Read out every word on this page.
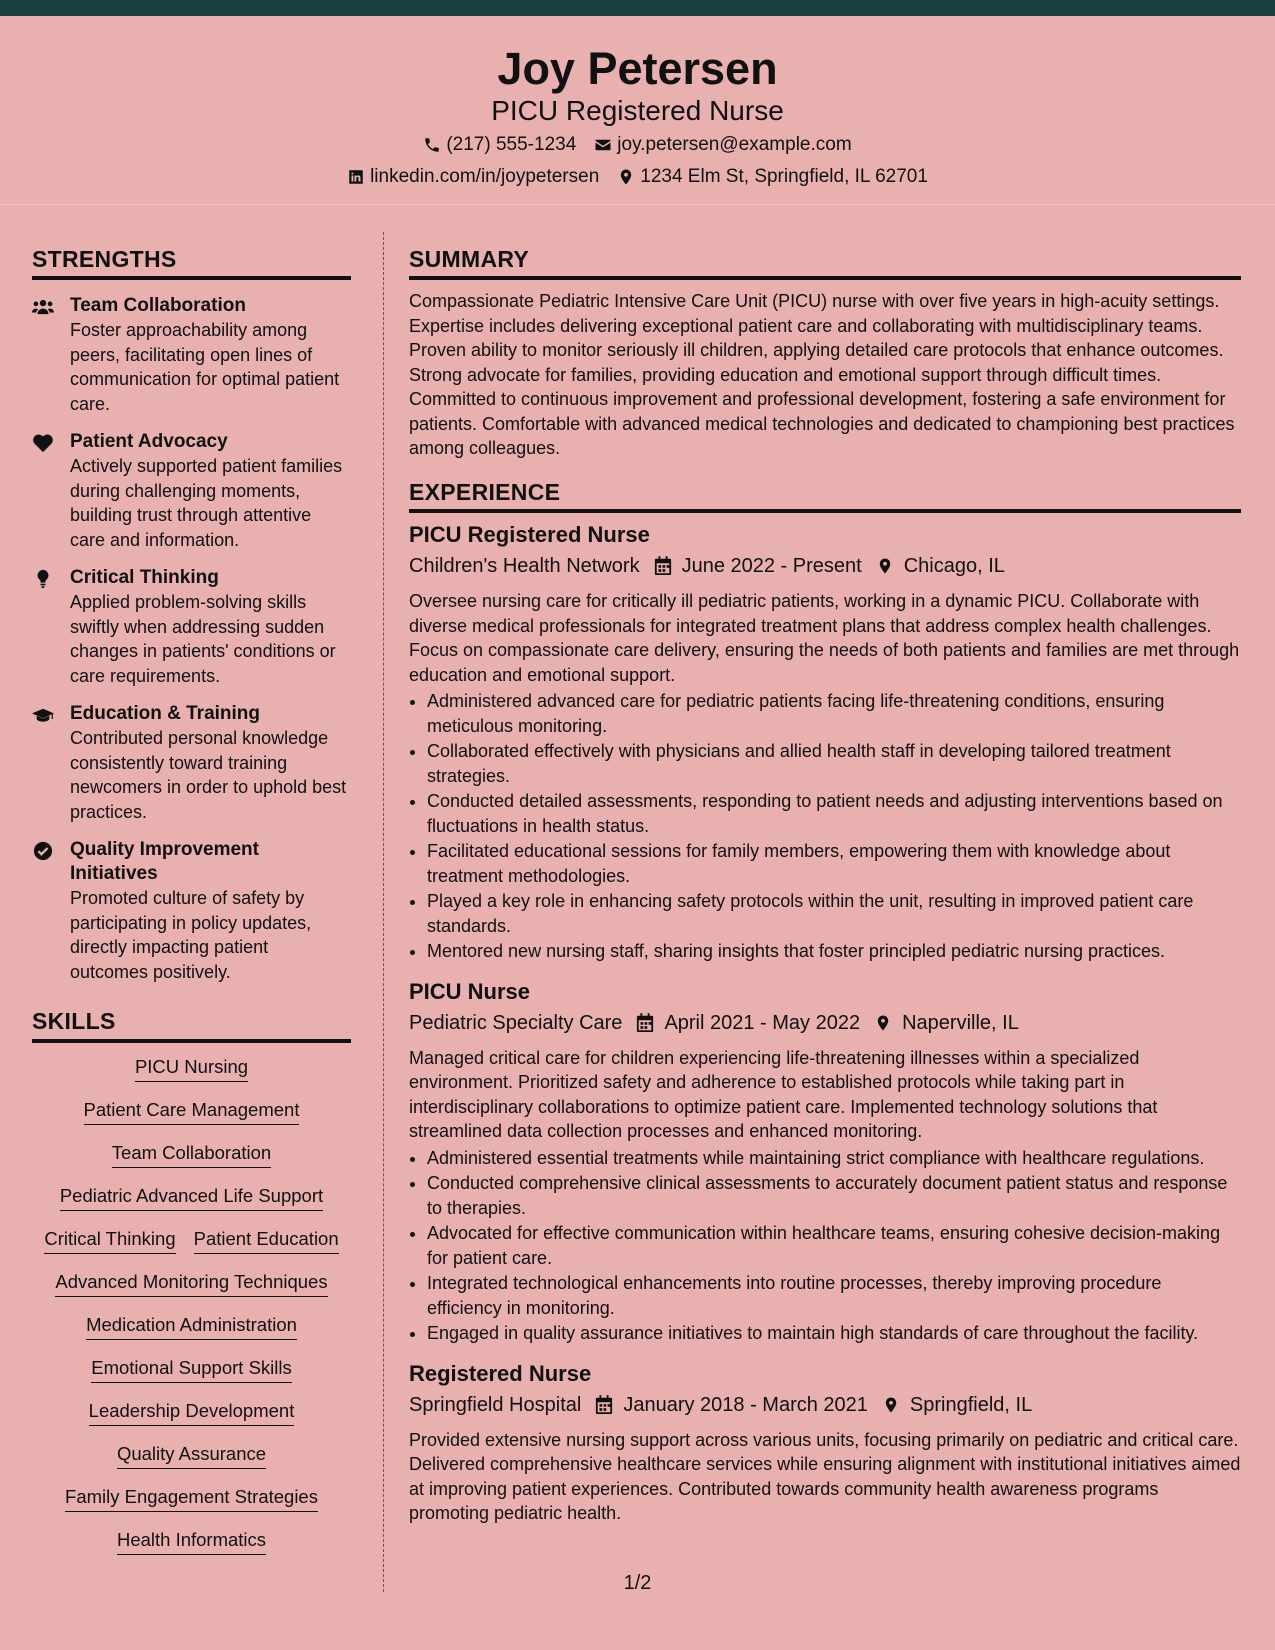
Joy Petersen
PICU Registered Nurse
(217) 555-1234 joy.petersen@example.com
linkedin.com/in/joypetersen 1234 Elm St, Springfield, IL 62701
STRENGTHS
Team Collaboration
Foster approachability among peers, facilitating open lines of communication for optimal patient care.
Patient Advocacy
Actively supported patient families during challenging moments, building trust through attentive care and information.
Critical Thinking
Applied problem-solving skills swiftly when addressing sudden changes in patients' conditions or care requirements.
Education & Training
Contributed personal knowledge consistently toward training newcomers in order to uphold best practices.
Quality Improvement Initiatives
Promoted culture of safety by participating in policy updates, directly impacting patient outcomes positively.
SKILLS
PICU Nursing
Patient Care Management
Team Collaboration
Pediatric Advanced Life Support
Critical Thinking Patient Education
Advanced Monitoring Techniques
Medication Administration
Emotional Support Skills
Leadership Development
Quality Assurance
Family Engagement Strategies
Health Informatics
SUMMARY
Compassionate Pediatric Intensive Care Unit (PICU) nurse with over five years in high-acuity settings. Expertise includes delivering exceptional patient care and collaborating with multidisciplinary teams. Proven ability to monitor seriously ill children, applying detailed care protocols that enhance outcomes. Strong advocate for families, providing education and emotional support through difficult times. Committed to continuous improvement and professional development, fostering a safe environment for patients. Comfortable with advanced medical technologies and dedicated to championing best practices among colleagues.
EXPERIENCE
PICU Registered Nurse
Children's Health Network June 2022 - Present Chicago, IL
Oversee nursing care for critically ill pediatric patients, working in a dynamic PICU. Collaborate with diverse medical professionals for integrated treatment plans that address complex health challenges. Focus on compassionate care delivery, ensuring the needs of both patients and families are met through education and emotional support.
• Administered advanced care for pediatric patients facing life-threatening conditions, ensuring meticulous monitoring.
• Collaborated effectively with physicians and allied health staff in developing tailored treatment strategies.
• Conducted detailed assessments, responding to patient needs and adjusting interventions based on fluctuations in health status.
• Facilitated educational sessions for family members, empowering them with knowledge about treatment methodologies.
• Played a key role in enhancing safety protocols within the unit, resulting in improved patient care standards.
• Mentored new nursing staff, sharing insights that foster principled pediatric nursing practices.
PICU Nurse
Pediatric Specialty Care April 2021 - May 2022 Naperville, IL
Managed critical care for children experiencing life-threatening illnesses within a specialized environment. Prioritized safety and adherence to established protocols while taking part in interdisciplinary collaborations to optimize patient care. Implemented technology solutions that streamlined data collection processes and enhanced monitoring.
• Administered essential treatments while maintaining strict compliance with healthcare regulations.
• Conducted comprehensive clinical assessments to accurately document patient status and response to therapies.
• Advocated for effective communication within healthcare teams, ensuring cohesive decision-making for patient care.
• Integrated technological enhancements into routine processes, thereby improving procedure efficiency in monitoring.
• Engaged in quality assurance initiatives to maintain high standards of care throughout the facility.
Registered Nurse
Springfield Hospital January 2018 - March 2021 Springfield, IL
Provided extensive nursing support across various units, focusing primarily on pediatric and critical care. Delivered comprehensive healthcare services while ensuring alignment with institutional initiatives aimed at improving patient experiences. Contributed towards community health awareness programs promoting pediatric health.
1/2
